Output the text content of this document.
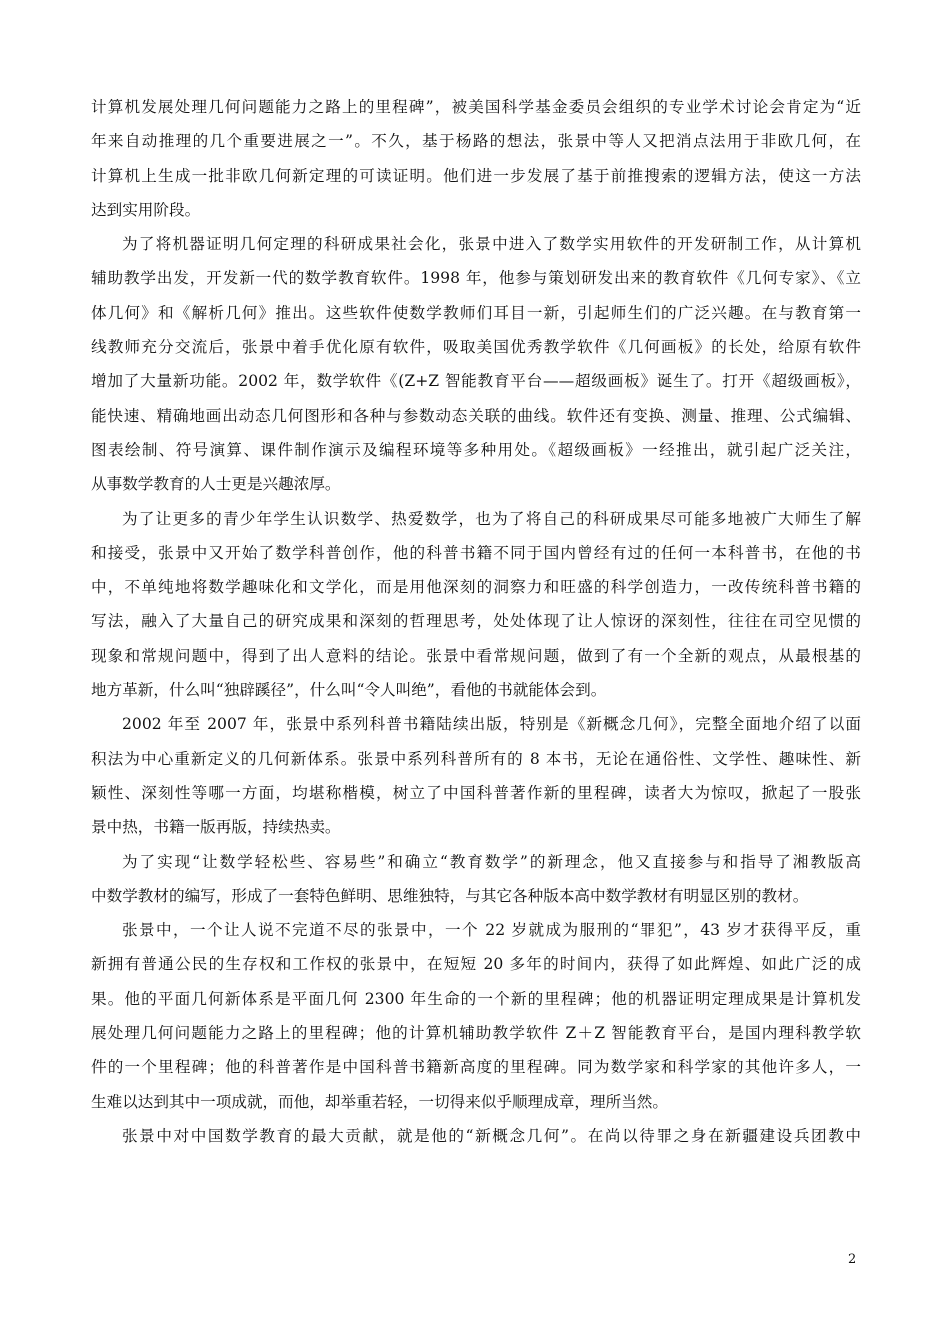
计算机发展处理几何问题能力之路上的里程碑”，被美国科学基金委员会组织的专业学术讨论会肯定为“近
年来自动推理的几个重要进展之一”。不久，基于杨路的想法，张景中等人又把消点法用于非欧几何，在
计算机上生成一批非欧几何新定理的可读证明。他们进一步发展了基于前推搜索的逻辑方法，使这一方法
达到实用阶段。

为了将机器证明几何定理的科研成果社会化，张景中进入了数学实用软件的开发研制工作，从计算机
辅助教学出发，开发新一代的数学教育软件。1998 年，他参与策划研发出来的教育软件《几何专家》、《立
体几何》和《解析几何》推出。这些软件使数学教师们耳目一新，引起师生们的广泛兴趣。在与教育第一
线教师充分交流后，张景中着手优化原有软件，吸取美国优秀教学软件《几何画板》的长处，给原有软件
增加了大量新功能。2002 年，数学软件《(Z+Z 智能教育平台——超级画板》诞生了。打开《超级画板》，
能快速、精确地画出动态几何图形和各种与参数动态关联的曲线。软件还有变换、测量、推理、公式编辑、
图表绘制、符号演算、课件制作演示及编程环境等多种用处。《超级画板》一经推出，就引起广泛关注，
从事数学教育的人士更是兴趣浓厚。

为了让更多的青少年学生认识数学、热爱数学，也为了将自己的科研成果尽可能多地被广大师生了解
和接受，张景中又开始了数学科普创作，他的科普书籍不同于国内曾经有过的任何一本科普书，在他的书
中，不单纯地将数学趣味化和文学化，而是用他深刻的洞察力和旺盛的科学创造力，一改传统科普书籍的
写法，融入了大量自己的研究成果和深刻的哲理思考，处处体现了让人惊讶的深刻性，往往在司空见惯的
现象和常规问题中，得到了出人意料的结论。张景中看常规问题，做到了有一个全新的观点，从最根基的
地方革新，什么叫“独辟蹊径”，什么叫“令人叫绝”，看他的书就能体会到。

2002 年至 2007 年，张景中系列科普书籍陆续出版，特别是《新概念几何》，完整全面地介绍了以面
积法为中心重新定义的几何新体系。张景中系列科普所有的 8 本书，无论在通俗性、文学性、趣味性、新
颖性、深刻性等哪一方面，均堪称楷模，树立了中国科普著作新的里程碑，读者大为惊叹，掀起了一股张
景中热，书籍一版再版，持续热卖。

为了实现“让数学轻松些、容易些”和确立“教育数学”的新理念，他又直接参与和指导了湘教版高
中数学教材的编写，形成了一套特色鲜明、思维独特，与其它各种版本高中数学教材有明显区别的教材。

张景中，一个让人说不完道不尽的张景中，一个 22 岁就成为服刑的“罪犯”，43 岁才获得平反，重
新拥有普通公民的生存权和工作权的张景中，在短短 20 多年的时间内，获得了如此辉煌、如此广泛的成
果。他的平面几何新体系是平面几何 2300 年生命的一个新的里程碑；他的机器证明定理成果是计算机发
展处理几何问题能力之路上的里程碑；他的计算机辅助教学软件 Z＋Z 智能教育平台，是国内理科教学软
件的一个里程碑；他的科普著作是中国科普书籍新高度的里程碑。同为数学家和科学家的其他许多人，一
生难以达到其中一项成就，而他，却举重若轻，一切得来似乎顺理成章，理所当然。

张景中对中国数学教育的最大贡献，就是他的“新概念几何”。在尚以待罪之身在新疆建设兵团教中

2
